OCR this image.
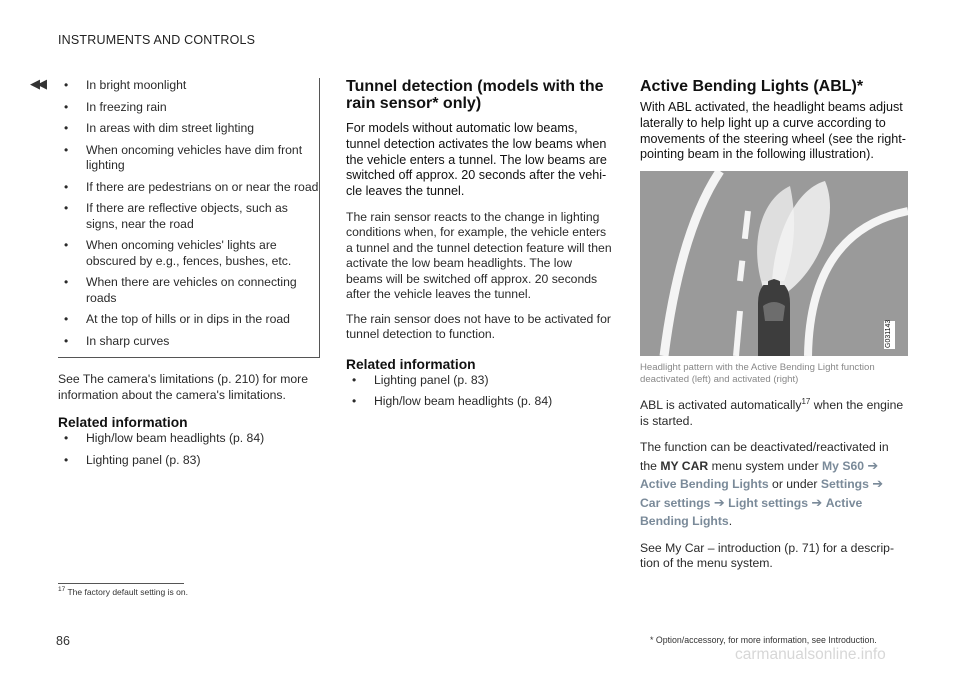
INSTRUMENTS AND CONTROLS
◀◀ • In bright moonlight
• In freezing rain
• In areas with dim street lighting
• When oncoming vehicles have dim front lighting
• If there are pedestrians on or near the road
• If there are reflective objects, such as signs, near the road
• When oncoming vehicles' lights are obscured by e.g., fences, bushes, etc.
• When there are vehicles on connecting roads
• At the top of hills or in dips in the road
• In sharp curves

See The camera's limitations (p. 210) for more information about the camera's limitations.

Related information
• High/low beam headlights (p. 84)
• Lighting panel (p. 83)
Tunnel detection (models with the rain sensor* only)

For models without automatic low beams, tunnel detection activates the low beams when the vehicle enters a tunnel. The low beams are switched off approx. 20 seconds after the vehi- cle leaves the tunnel.

The rain sensor reacts to the change in lighting conditions when, for example, the vehicle enters a tunnel and the tunnel detection feature will then activate the low beam headlights. The low beams will be switched off approx. 20 seconds after the vehicle leaves the tunnel.

The rain sensor does not have to be activated for tunnel detection to function.

Related information
• Lighting panel (p. 83)
• High/low beam headlights (p. 84)
Active Bending Lights (ABL)*

With ABL activated, the headlight beams adjust laterally to help light up a curve according to movements of the steering wheel (see the right- pointing beam in the following illustration).

G031143

Headlight pattern with the Active Bending Light function deactivated (left) and activated (right)

ABL is activated automatically$^{17}$ when the engine is started.

The function can be deactivated/reactivated in the MY CAR menu system under My S60 ➔
Active Bending Lights or under Settings ➔
Car settings ➔ Light settings ➔ Active Bending Lights.

See My Car – introduction (p. 71) for a descrip- tion of the menu system.

$^{17}$ The factory default setting is on.
86	* Option/accessory, for more information, see Introduction.
carmanualsonline.info
